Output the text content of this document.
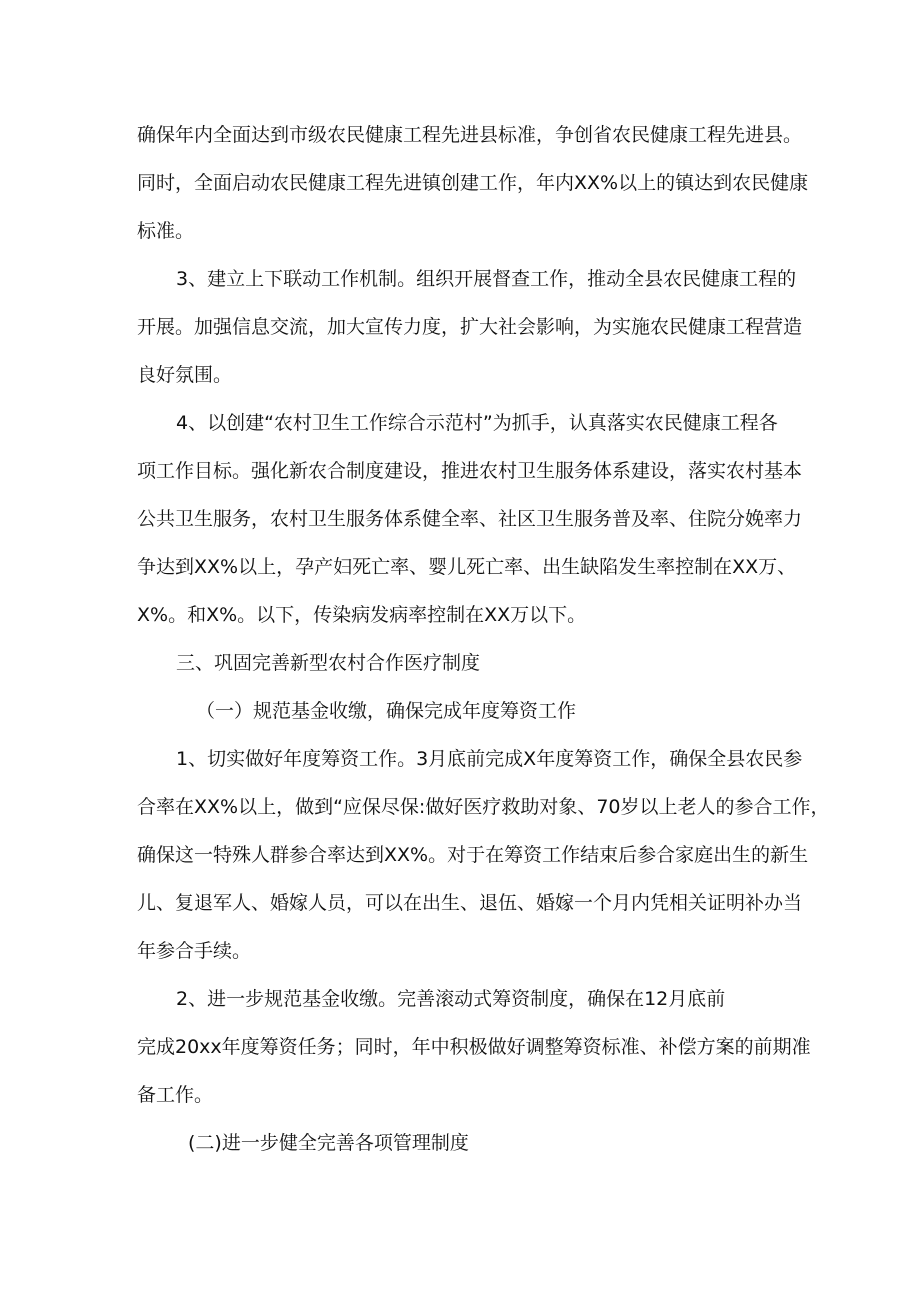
确保年内全面达到市级农民健康工程先进县标准，争创省农民健康工程先进县。
同时，全面启动农民健康工程先进镇创建工作，年内XX%以上的镇达到农民健康
标准。
3、建立上下联动工作机制。组织开展督查工作，推动全县农民健康工程的
开展。加强信息交流，加大宣传力度，扩大社会影响，为实施农民健康工程营造
良好氛围。
4、以创建“农村卫生工作综合示范村”为抓手，认真落实农民健康工程各
项工作目标。强化新农合制度建设，推进农村卫生服务体系建设，落实农村基本
公共卫生服务，农村卫生服务体系健全率、社区卫生服务普及率、住院分娩率力
争达到XX%以上，孕产妇死亡率、婴儿死亡率、出生缺陷发生率控制在XX万、
X%。和X%。以下，传染病发病率控制在XX万以下。
三、巩固完善新型农村合作医疗制度
（一）规范基金收缴，确保完成年度筹资工作
1、切实做好年度筹资工作。3月底前完成X年度筹资工作，确保全县农民参
合率在XX%以上，做到“应保尽保:做好医疗救助对象、70岁以上老人的参合工作，
确保这一特殊人群参合率达到XX%。对于在筹资工作结束后参合家庭出生的新生
儿、复退军人、婚嫁人员，可以在出生、退伍、婚嫁一个月内凭相关证明补办当
年参合手续。
2、进一步规范基金收缴。完善滚动式筹资制度，确保在12月底前
完成20xx年度筹资任务；同时，年中积极做好调整筹资标准、补偿方案的前期准
备工作。
(二)进一步健全完善各项管理制度
